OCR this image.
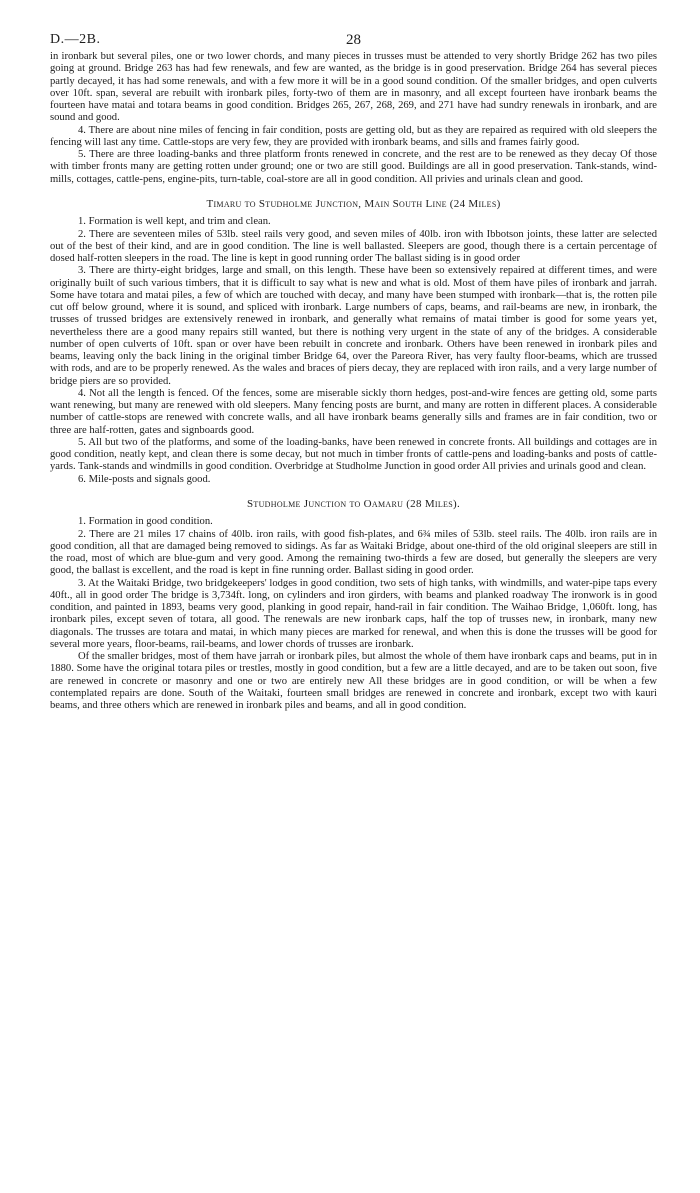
D.—2B.	28

in ironbark but several piles, one or two lower chords, and many pieces in trusses must be attended to very shortly Bridge 262 has two piles going at ground. Bridge 263 has had few renewals, and few are wanted, as the bridge is in good preservation. Bridge 264 has several pieces partly decayed, it has had some renewals, and with a few more it will be in a good sound condition. Of the smaller bridges, and open culverts over 10ft. span, several are rebuilt with ironbark piles, forty-two of them are in masonry, and all except fourteen have ironbark beams the fourteen have matai and totara beams in good condition. Bridges 265, 267, 268, 269, and 271 have had sundry renewals in ironbark, and are sound and good.

4. There are about nine miles of fencing in fair condition, posts are getting old, but as they are repaired as required with old sleepers the fencing will last any time. Cattle-stops are very few, they are provided with ironbark beams, and sills and frames fairly good.

5. There are three loading-banks and three platform fronts renewed in concrete, and the rest are to be renewed as they decay Of those with timber fronts many are getting rotten under ground; one or two are still good. Buildings are all in good preservation. Tank-stands, wind-mills, cottages, cattle-pens, engine-pits, turn-table, coal-store are all in good condition. All privies and urinals clean and good.

Timaru to Studholme Junction, Main South Line (24 Miles)

1. Formation is well kept, and trim and clean.

2. There are seventeen miles of 53lb. steel rails very good, and seven miles of 40lb. iron with Ibbotson joints, these latter are selected out of the best of their kind, and are in good condition. The line is well ballasted. Sleepers are good, though there is a certain percentage of dosed half-rotten sleepers in the road. The line is kept in good running order The ballast siding is in good order

3. There are thirty-eight bridges, large and small, on this length. These have been so extensively repaired at different times, and were originally built of such various timbers, that it is difficult to say what is new and what is old. Most of them have piles of ironbark and jarrah. Some have totara and matai piles, a few of which are touched with decay, and many have been stumped with ironbark—that is, the rotten pile cut off below ground, where it is sound, and spliced with ironbark. Large numbers of caps, beams, and rail-beams are new, in ironbark, the trusses of trussed bridges are extensively renewed in ironbark, and generally what remains of matai timber is good for some years yet, nevertheless there are a good many repairs still wanted, but there is nothing very urgent in the state of any of the bridges. A considerable number of open culverts of 10ft. span or over have been rebuilt in concrete and ironbark. Others have been renewed in ironbark piles and beams, leaving only the back lining in the original timber Bridge 64, over the Pareora River, has very faulty floor-beams, which are trussed with rods, and are to be properly renewed. As the wales and braces of piers decay, they are replaced with iron rails, and a very large number of bridge piers are so provided.

4. Not all the length is fenced. Of the fences, some are miserable sickly thorn hedges, post-and-wire fences are getting old, some parts want renewing, but many are renewed with old sleepers. Many fencing posts are burnt, and many are rotten in different places. A considerable number of cattle-stops are renewed with concrete walls, and all have ironbark beams generally sills and frames are in fair condition, two or three are half-rotten, gates and signboards good.

5. All but two of the platforms, and some of the loading-banks, have been renewed in concrete fronts. All buildings and cottages are in good condition, neatly kept, and clean there is some decay, but not much in timber fronts of cattle-pens and loading-banks and posts of cattle-yards. Tank-stands and windmills in good condition. Overbridge at Studholme Junction in good order All privies and urinals good and clean.

6. Mile-posts and signals good.

Studholme Junction to Oamaru (28 Miles).

1. Formation in good condition.

2. There are 21 miles 17 chains of 40lb. iron rails, with good fish-plates, and 6¾ miles of 53lb. steel rails. The 40lb. iron rails are in good condition, all that are damaged being removed to sidings. As far as Waitaki Bridge, about one-third of the old original sleepers are still in the road, most of which are blue-gum and very good. Among the remaining two-thirds a few are dosed, but generally the sleepers are very good, the ballast is excellent, and the road is kept in fine running order. Ballast siding in good order.

3. At the Waitaki Bridge, two bridgekeepers' lodges in good condition, two sets of high tanks, with windmills, and water-pipe taps every 40ft., all in good order The bridge is 3,734ft. long, on cylinders and iron girders, with beams and planked roadway The ironwork is in good condition, and painted in 1893, beams very good, planking in good repair, hand-rail in fair condition. The Waihao Bridge, 1,060ft. long, has ironbark piles, except seven of totara, all good. The renewals are new ironbark caps, half the top of trusses new, in ironbark, many new diagonals. The trusses are totara and matai, in which many pieces are marked for renewal, and when this is done the trusses will be good for several more years, floor-beams, rail-beams, and lower chords of trusses are ironbark.

Of the smaller bridges, most of them have jarrah or ironbark piles, but almost the whole of them have ironbark caps and beams, put in in 1880. Some have the original totara piles or trestles, mostly in good condition, but a few are a little decayed, and are to be taken out soon, five are renewed in concrete or masonry and one or two are entirely new All these bridges are in good condition, or will be when a few contemplated repairs are done. South of the Waitaki, fourteen small bridges are renewed in concrete and ironbark, except two with kauri beams, and three others which are renewed in ironbark piles and beams, and all in good condition.
